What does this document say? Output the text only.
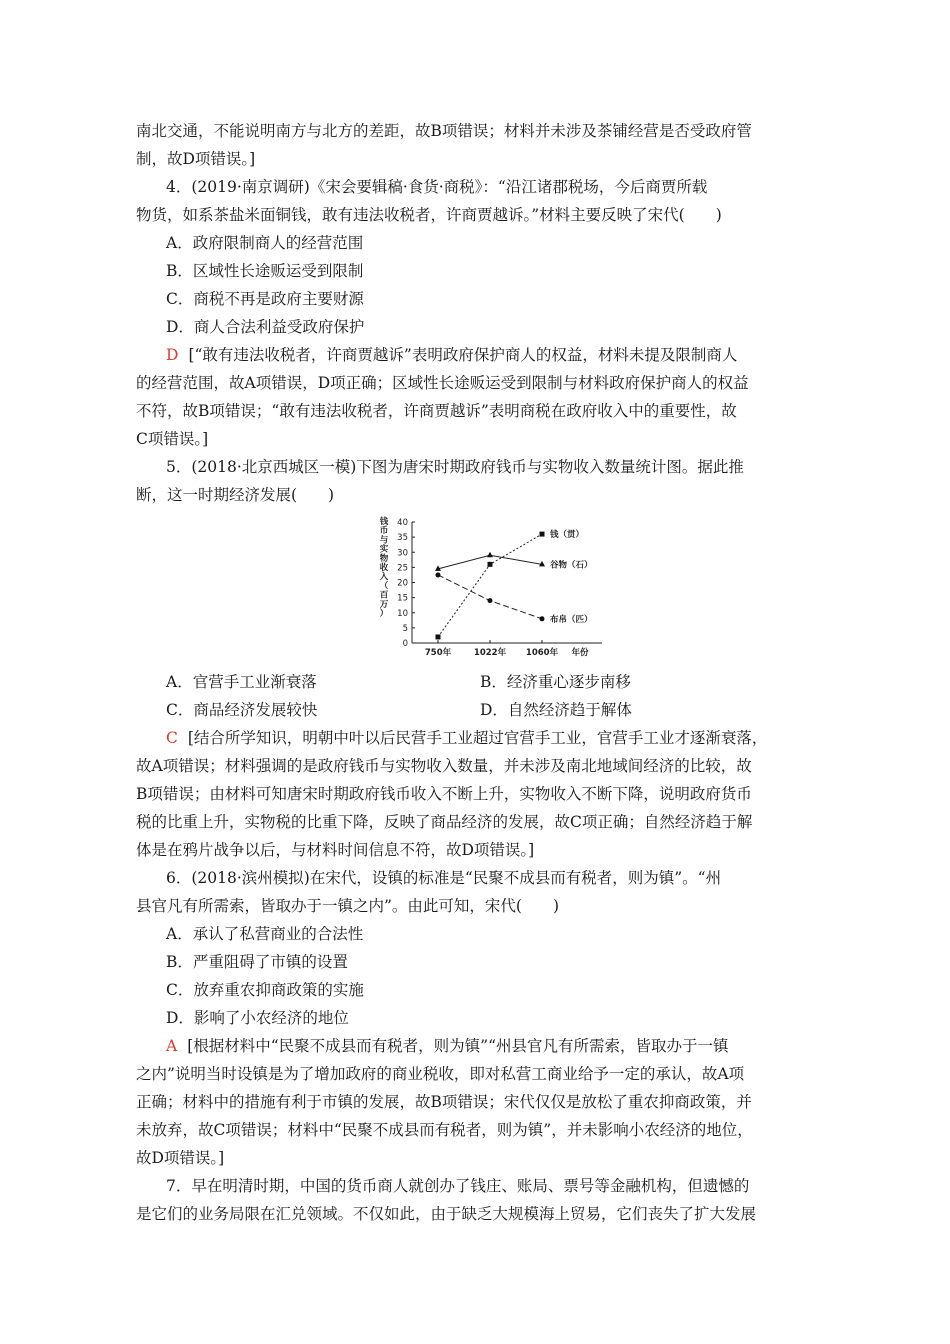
南北交通，不能说明南方与北方的差距，故B项错误；材料并未涉及茶铺经营是否受政府管
制，故D项错误。]
4．(2019·南京调研)《宋会要辑稿·食货·商税》：“沿江诸郡税场，今后商贾所载
物货，如系茶盐米面铜钱，敢有违法收税者，许商贾越诉。”材料主要反映了宋代(　　)
A．政府限制商人的经营范围
B．区域性长途贩运受到限制
C．商税不再是政府主要财源
D．商人合法利益受政府保护
D [“敢有违法收税者，许商贾越诉”表明政府保护商人的权益，材料未提及限制商人
的经营范围，故A项错误，D项正确；区域性长途贩运受到限制与材料政府保护商人的权益
不符，故B项错误；“敢有违法收税者，许商贾越诉”表明商税在政府收入中的重要性，故
C项错误。]
5．(2018·北京西城区一模)下图为唐宋时期政府钱币与实物收入数量统计图。据此推
断，这一时期经济发展(　　)
0
5
10
15
20
25
30
35
40
750年	1022年 1060年 年份
钱
币
与
实
物
收
入
（
百
万
）
钱（贯）
谷物（石）
布帛（匹）
A．官营手工业渐衰落	B．经济重心逐步南移
C．商品经济发展较快	D．自然经济趋于解体
C [结合所学知识，明朝中叶以后民营手工业超过官营手工业，官营手工业才逐渐衰落，
故A项错误；材料强调的是政府钱币与实物收入数量，并未涉及南北地域间经济的比较，故
B项错误；由材料可知唐宋时期政府钱币收入不断上升，实物收入不断下降，说明政府货币
税的比重上升，实物税的比重下降，反映了商品经济的发展，故C项正确；自然经济趋于解
体是在鸦片战争以后，与材料时间信息不符，故D项错误。]
6．(2018·滨州模拟)在宋代，设镇的标准是“民聚不成县而有税者，则为镇”。“州
县官凡有所需索，皆取办于一镇之内”。由此可知，宋代(　　)
A．承认了私营商业的合法性
B．严重阻碍了市镇的设置
C．放弃重农抑商政策的实施
D．影响了小农经济的地位
A [根据材料中“民聚不成县而有税者，则为镇”“州县官凡有所需索，皆取办于一镇
之内”说明当时设镇是为了增加政府的商业税收，即对私营工商业给予一定的承认，故A项
正确；材料中的措施有利于市镇的发展，故B项错误；宋代仅仅是放松了重农抑商政策，并
未放弃，故C项错误；材料中“民聚不成县而有税者，则为镇”，并未影响小农经济的地位，
故D项错误。]
7．早在明清时期，中国的货币商人就创办了钱庄、账局、票号等金融机构，但遗憾的
是它们的业务局限在汇兑领域。不仅如此，由于缺乏大规模海上贸易，它们丧失了扩大发展
